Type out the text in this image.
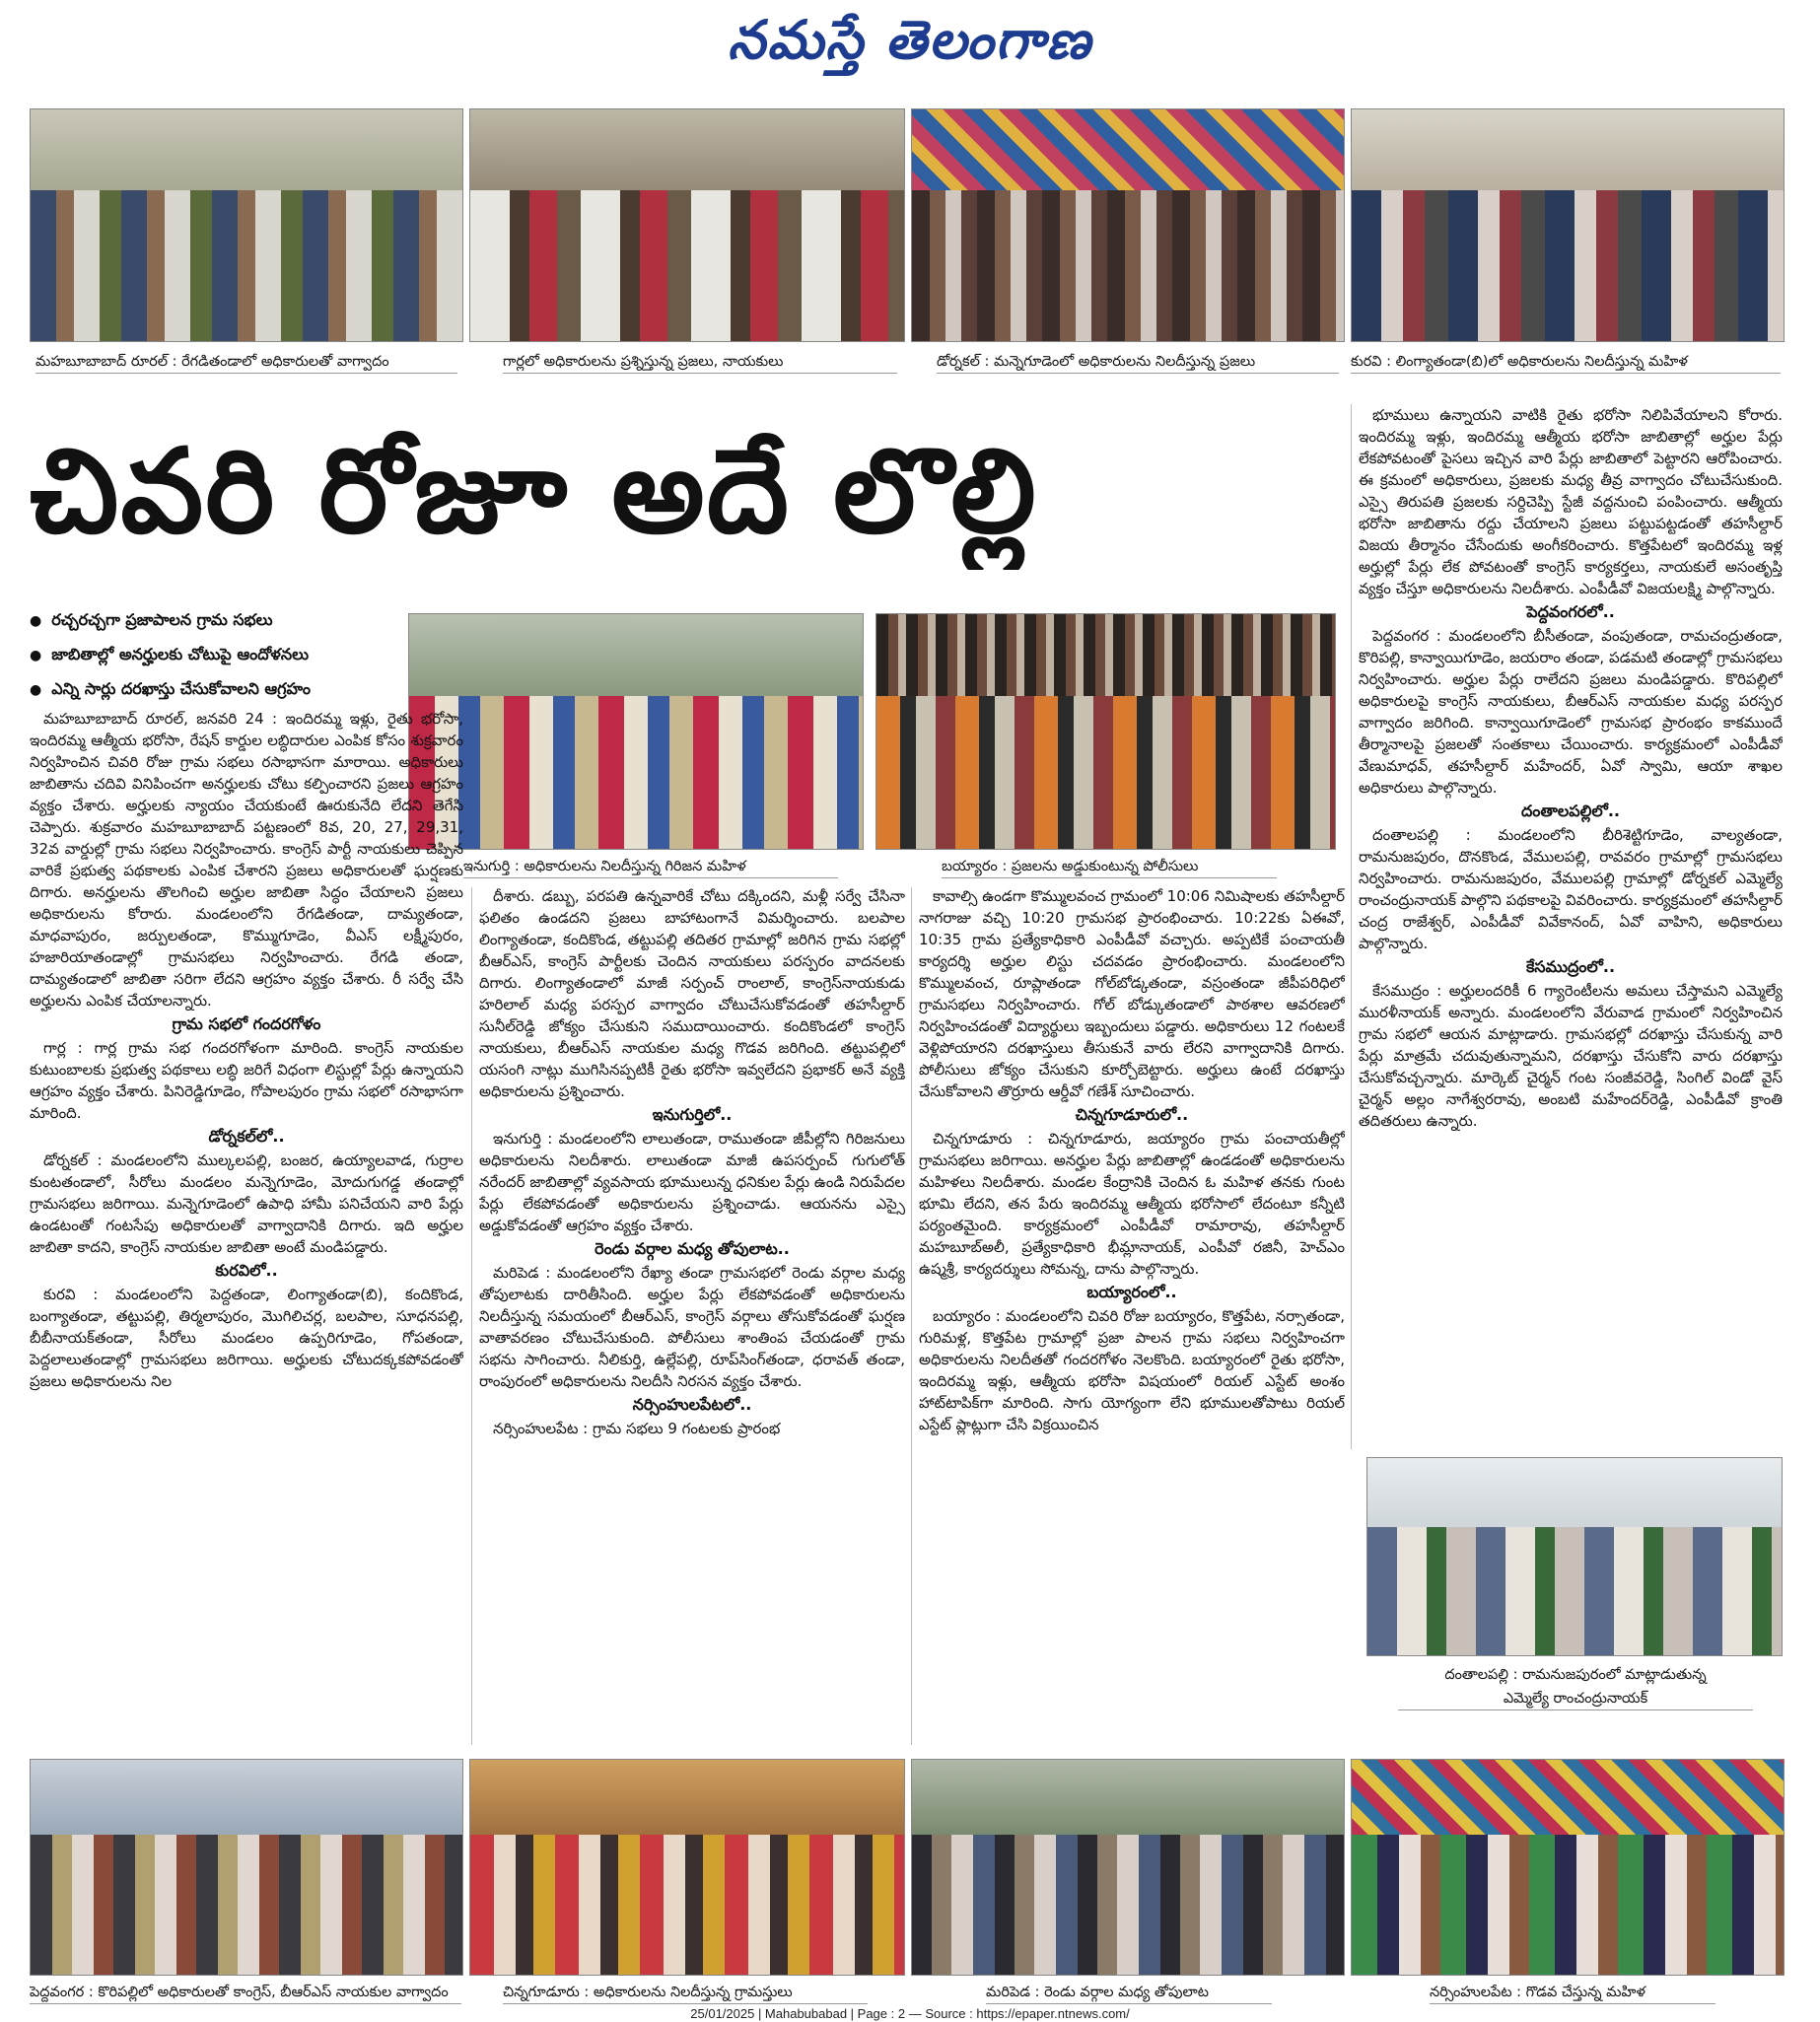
నమస్తే తెలంగాణ
మహబూబాబాద్ రూరల్ : రేగడితండాలో అధికారులతో వాగ్వాదం	గార్లలో అధికారులను ప్రశ్నిస్తున్న ప్రజలు, నాయకులు	డోర్నకల్ : మన్నెగూడెంలో అధికారులను నిలదీస్తున్న ప్రజలు	కురవి : లింగ్యాతండా(బి)లో అధికారులను నిలదీస్తున్న మహిళ
చివరి రోజూ అదే లొల్లి
● రచ్చరచ్చగా ప్రజాపాలన గ్రామ సభలు
● జాబితాల్లో అనర్హులకు చోటుపై ఆందోళనలు
● ఎన్ని సార్లు దరఖాస్తు చేసుకోవాలని ఆగ్రహం
ఇనుగుర్తి : అధికారులను నిలదీస్తున్న గిరిజన మహిళ	బయ్యారం : ప్రజలను అడ్డుకుంటున్న పోలీసులు

మహబూబాబాద్ రూరల్, జనవరి 24 : ఇందిరమ్మ ఇళ్లు, రైతు భరోసా, ఇందిరమ్మ ఆత్మీయ భరోసా, రేషన్ కార్డుల లబ్ధిదారుల ఎంపిక కోసం శుక్రవారం నిర్వహించిన చివరి రోజు గ్రామ సభలు రసాభాసగా మారాయి. అధికారులు జాబితాను చదివి వినిపించగా అనర్హులకు చోటు కల్పించారని ప్రజలు ఆగ్రహం వ్యక్తం చేశారు. అర్హులకు న్యాయం చేయకుంటే ఊరుకునేది లేదని తెగేసి చెప్పారు. శుక్రవారం మహబూబాబాద్ పట్టణంలో 8వ, 20, 27, 29,31, 32వ వార్డుల్లో గ్రామ సభలు నిర్వహించారు. కాంగ్రెస్ పార్టీ నాయకులు చెప్పిన వారికే ప్రభుత్వ పథకాలకు ఎంపిక చేశారని ప్రజలు అధికారులతో ఘర్షణకు దిగారు. అనర్హులను తొలగించి అర్హుల జాబితా సిద్ధం చేయాలని ప్రజలు అధికారులను కోరారు. మండలంలోని రేగడితండా, దామ్యతండా, మాధవాపురం, జర్పులతండా, కొమ్ముగూడెం, వీఎస్ లక్ష్మీపురం, హజారియాతండాల్లో గ్రామసభలు నిర్వహించారు. రేగడి తండా, దామ్యతండాలో జాబితా సరిగా లేదని ఆగ్రహం వ్యక్తం చేశారు. రీ సర్వే చేసి అర్హులను ఎంపిక చేయాలన్నారు.

గ్రామ సభలో గందరగోళం

గార్ల : గార్ల గ్రామ సభ గందరగోళంగా మారింది. కాంగ్రెస్ నాయకుల కుటుంబాలకు ప్రభుత్వ పథకాలు లబ్ధి జరిగే విధంగా లిస్టుల్లో పేర్లు ఉన్నాయని ఆగ్రహం వ్యక్తం చేశారు. పినిరెడ్డిగూడెం, గోపాలపురం గ్రామ సభలో రసాభాసగా మారింది.

డోర్నకల్‌లో..

డోర్నకల్ : మండలంలోని ముల్కలపల్లి, బంజర, ఉయ్యాలవాడ, గుర్రాల కుంటతండాలో, సీరోలు మండలం మన్నెగూడెం, మోదుగుగడ్డ తండాల్లో గ్రామసభలు జరిగాయి. మన్నెగూడెంలో ఉపాధి హామీ పనిచేయని వారి పేర్లు ఉండటంతో గంటసేపు అధికారులతో వాగ్వాదానికి దిగారు. ఇది అర్హుల జాబితా కాదని, కాంగ్రెస్ నాయకుల జాబితా అంటే మండిపడ్డారు.

కురవిలో..

కురవి : మండలంలోని పెద్దతండా, లింగ్యాతండా(బి), కందికొండ, బంగ్యాతండా, తట్టుపల్లి, తిర్మలాపురం, మొగిలిచర్ల, బలపాల, సూధనపల్లి, బీబీనాయక్‌తండా, సీరోలు మండలం ఉప్పరిగూడెం, గోపతండా, పెద్దలాలుతండాల్లో గ్రామసభలు జరిగాయి. అర్హులకు చోటుదక్కకపోవడంతో ప్రజలు అధికారులను నిల

దీశారు. డబ్బు, పరపతి ఉన్నవారికే చోటు దక్కిందని, మళ్లీ సర్వే చేసినా ఫలితం ఉండదని ప్రజలు బాహాటంగానే విమర్శించారు. బలపాల లింగ్యాతండా, కందికొండ, తట్టుపల్లి తదితర గ్రామాల్లో జరిగిన గ్రామ సభల్లో బీఆర్ఎస్, కాంగ్రెస్ పార్టీలకు చెందిన నాయకులు పరస్పరం వాదనలకు దిగారు. లింగ్యాతండాలో మాజీ సర్పంచ్ రాంలాల్, కాంగ్రెస్‌నాయకుడు హరిలాల్ మధ్య పరస్పర వాగ్వాదం చోటుచేసుకోవడంతో తహసీల్దార్ సునీల్‌రెడ్డి జోక్యం చేసుకుని సముదాయించారు. కందికొండలో కాంగ్రెస్ నాయకులు, బీఆర్ఎస్ నాయకుల మధ్య గొడవ జరిగింది. తట్టుపల్లిలో యసంగి నాట్లు ముగిసినప్పటికీ రైతు భరోసా ఇవ్వలేదని ప్రభాకర్ అనే వ్యక్తి అధికారులను ప్రశ్నించారు.

ఇనుగుర్తిలో..

ఇనుగుర్తి : మండలంలోని లాలుతండా, రాముతండా జీపీల్లోని గిరిజనులు అధికారులను నిలదీశారు. లాలుతండా మాజీ ఉపసర్పంచ్ గుగులోత్ నరేందర్ జాబితాల్లో వ్యవసాయ భూములున్న ధనికుల పేర్లు ఉండి నిరుపేదల పేర్లు లేకపోవడంతో అధికారులను ప్రశ్నించాడు. ఆయనను ఎస్సై అడ్డుకోవడంతో ఆగ్రహం వ్యక్తం చేశారు.

రెండు వర్గాల మధ్య తోపులాట..

మరిపెడ : మండలంలోని రేఖ్యా తండా గ్రామసభలో రెండు వర్గాల మధ్య తోపులాటకు దారితీసింది. అర్హుల పేర్లు లేకపోవడంతో అధికారులను నిలదీస్తున్న సమయంలో బీఆర్ఎస్, కాంగ్రెస్ వర్గాలు తోసుకోవడంతో ఘర్షణ వాతావరణం చోటుచేసుకుంది. పోలీసులు శాంతింప చేయడంతో గ్రామ సభను సాగించారు. నీలికుర్తి, ఉల్లేపల్లి, రూప్‌సింగ్‌తండా, ధరావత్ తండా, రాంపురంలో అధికారులను నిలదీసి నిరసన వ్యక్తం చేశారు.

నర్సింహులపేటలో..

నర్సింహులపేట : గ్రామ సభలు 9 గంటలకు ప్రారంభ

కావాల్సి ఉండగా కొమ్ములవంచ గ్రామంలో 10:06 నిమిషాలకు తహసీల్దార్ నాగరాజు వచ్చి 10:20 గ్రామసభ ప్రారంభించారు. 10:22కు ఏఈవో, 10:35 గ్రామ ప్రత్యేకాధికారి ఎంపీడీవో వచ్చారు. అప్పటికే పంచాయతీ కార్యదర్శి అర్హుల లిస్టు చదవడం ప్రారంభించారు. మండలంలోని కొమ్ములవంచ, రూప్లాతండా గోల్‌బోడ్కతండా, వస్రంతండా జీపీపరిధిలో గ్రామసభలు నిర్వహించారు. గోల్ బోడ్కుతండాలో పాఠశాల ఆవరణలో నిర్వహించడంతో విద్యార్థులు ఇబ్బందులు పడ్డారు. అధికారులు 12 గంటలకే వెళ్లిపోయారని దరఖాస్తులు తీసుకునే వారు లేరని వాగ్వాదానికి దిగారు. పోలీసులు జోక్యం చేసుకుని కూర్చోబెట్టారు. అర్హులు ఉంటే దరఖాస్తు చేసుకోవాలని తొర్రూరు ఆర్డీవో గణేశ్ సూచించారు.

చిన్నగూడూరులో..

చిన్నగూడూరు : చిన్నగూడూరు, జయ్యారం గ్రామ పంచాయతీల్లో గ్రామసభలు జరిగాయి. అనర్హుల పేర్లు జాబితాల్లో ఉండడంతో అధికారులను మహిళలు నిలదీశారు. మండల కేంద్రానికి చెందిన ఓ మహిళ తనకు గుంట భూమి లేదని, తన పేరు ఇందిరమ్మ ఆత్మీయ భరోసాలో లేదంటూ కన్నీటి పర్యంతమైంది. కార్యక్రమంలో ఎంపీడీవో రామారావు, తహసీల్దార్ మహబూబ్‌అలీ, ప్రత్యేకాధికారి భీమ్లానాయక్, ఎంపీవో రజినీ, హెచ్‌ఎం ఉష్మశ్రీ, కార్యదర్శులు సోమన్న, దాను పాల్గొన్నారు.

బయ్యారంలో..

బయ్యారం : మండలంలోని చివరి రోజు బయ్యారం, కొత్తపేట, నర్సాతండా, గురిమళ్ల, కొత్తపేట గ్రామాల్లో ప్రజా పాలన గ్రామ సభలు నిర్వహించగా అధికారులను నిలదీతతో గందరగోళం నెలకొంది. బయ్యారంలో రైతు భరోసా, ఇందిరమ్మ ఇళ్లు, ఆత్మీయ భరోసా విషయంలో రియల్ ఎస్టేట్ అంశం హాట్‌టాపిక్‌గా మారింది. సాగు యోగ్యంగా లేని భూములతోపాటు రియల్ ఎస్టేట్ ప్లాట్లుగా చేసి విక్రయించిన

భూములు ఉన్నాయని వాటికి రైతు భరోసా నిలిపివేయాలని కోరారు. ఇందిరమ్మ ఇళ్లు, ఇందిరమ్మ ఆత్మీయ భరోసా జాబితాల్లో అర్హుల పేర్లు లేకపోవటంతో పైసలు ఇచ్చిన వారి పేర్లు జాబితాలో పెట్టారని ఆరోపించారు. ఈ క్రమంలో అధికారులు, ప్రజలకు మధ్య తీవ్ర వాగ్వాదం చోటుచేసుకుంది. ఎస్సై తిరుపతి ప్రజలకు సర్దిచెప్పి స్టేజీ వద్దనుంచి పంపించారు. ఆత్మీయ భరోసా జాబితాను రద్దు చేయాలని ప్రజలు పట్టుపట్టడంతో తహసీల్దార్ విజయ తీర్మానం చేసేందుకు అంగీకరించారు. కొత్తపేటలో ఇందిరమ్మ ఇళ్ల అర్హుల్లో పేర్లు లేక పోవటంతో కాంగ్రెస్ కార్యకర్తలు, నాయకులే అసంతృప్తి వ్యక్తం చేస్తూ అధికారులను నిలదీశారు. ఎంపీడీవో విజయలక్ష్మి పాల్గొన్నారు.

పెద్దవంగరలో..

పెద్దవంగర : మండలంలోని బీసీతండా, వంపుతండా, రామచంద్రుతండా, కొరిపల్లి, కాన్వాయిగూడెం, జయరాం తండా, పడమటి తండాల్లో గ్రామసభలు నిర్వహించారు. అర్హుల పేర్లు రాలేదని ప్రజలు మండిపడ్డారు. కొరిపల్లిలో అధికారులపై కాంగ్రెస్ నాయకులు, బీఆర్ఎస్ నాయకుల మధ్య పరస్పర వాగ్వాదం జరిగింది. కాన్వాయిగూడెంలో గ్రామసభ ప్రారంభం కాకముందే తీర్మానాలపై ప్రజలతో సంతకాలు చేయించారు. కార్యక్రమంలో ఎంపీడీవో వేణుమాధవ్, తహసీల్దార్ మహేందర్, ఏవో స్వామి, ఆయా శాఖల అధికారులు పాల్గొన్నారు.

దంతాలపల్లిలో..

దంతాలపల్లి : మండలంలోని బీరిశెట్టిగూడెం, వాల్యతండా, రామనుజపురం, దొనకొండ, వేములపల్లి, రావవరం గ్రామాల్లో గ్రామసభలు నిర్వహించారు. రామనుజపురం, వేములపల్లి గ్రామాల్లో డోర్నకల్ ఎమ్మెల్యే రాంచంద్రునాయక్ పాల్గొని పథకాలపై వివరించారు. కార్యక్రమంలో తహసీల్దార్ చంద్ర రాజేశ్వర్, ఎంపీడీవో వివేకానంద్, ఏవో వాహిని, అధికారులు పాల్గొన్నారు.

కేసముద్రంలో..

కేసముద్రం : అర్హులందరికీ 6 గ్యారెంటీలను అమలు చేస్తామని ఎమ్మెల్యే మురళీనాయక్ అన్నారు. మండలంలోని వేరువాడ గ్రామంలో నిర్వహించిన గ్రామ సభలో ఆయన మాట్లాడారు. గ్రామసభల్లో దరఖాస్తు చేసుకున్న వారి పేర్లు మాత్రమే చదువుతున్నామని, దరఖాస్తు చేసుకోని వారు దరఖాస్తు చేసుకోవచ్చన్నారు. మార్కెట్ చైర్మన్ గంట సంజీవరెడ్డి, సింగిల్ విండో వైస్ చైర్మన్ అల్లం నాగేశ్వరరావు, అంబటి మహేందర్‌రెడ్డి, ఎంపీడీవో క్రాంతి తదితరులు ఉన్నారు.

దంతాలపల్లి : రామనుజపురంలో మాట్లాడుతున్న
ఎమ్మెల్యే రాంచంద్రునాయక్
పెద్దవంగర : కొరిపల్లిలో అధికారులతో కాంగ్రెస్, బీఆర్ఎస్ నాయకుల వాగ్వాదం	చిన్నగూడూరు : అధికారులను నిలదీస్తున్న గ్రామస్తులు	మరిపెడ : రెండు వర్గాల మధ్య తోపులాట	నర్సింహులపేట : గొడవ చేస్తున్న మహిళ
25/01/2025 | Mahabubabad | Page : 2 — Source : https://epaper.ntnews.com/
